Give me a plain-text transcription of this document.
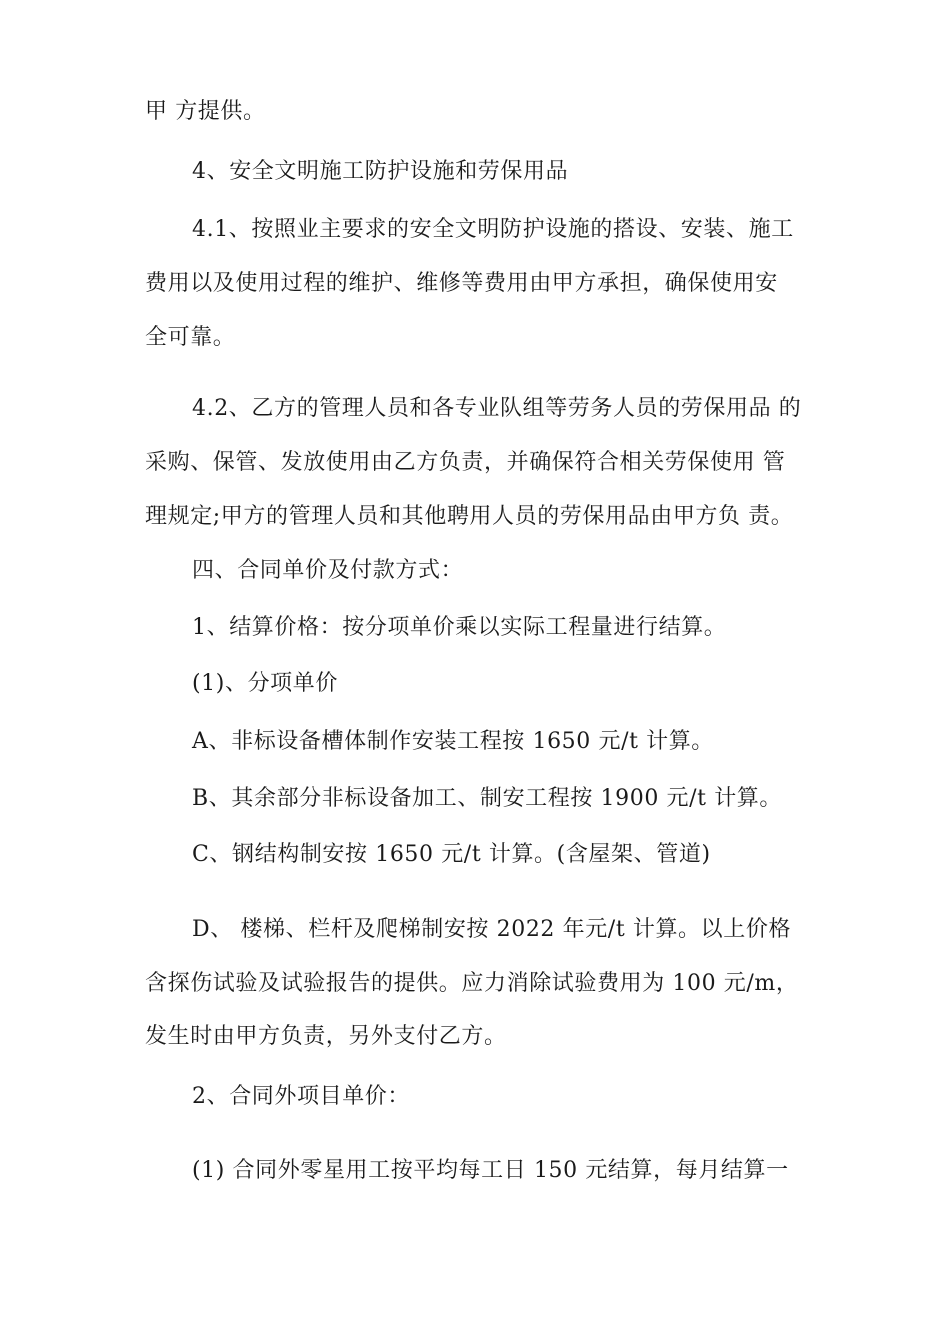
甲 方提供。
4、安全文明施工防护设施和劳保用品
4.1、按照业主要求的安全文明防护设施的搭设、安装、施工
费用以及使用过程的维护、维修等费用由甲方承担，确保使用安
全可靠。
4.2、乙方的管理人员和各专业队组等劳务人员的劳保用品 的
采购、保管、发放使用由乙方负责，并确保符合相关劳保使用 管
理规定;甲方的管理人员和其他聘用人员的劳保用品由甲方负 责。
四、合同单价及付款方式：
1、结算价格：按分项单价乘以实际工程量进行结算。
(1)、分项单价
A、非标设备槽体制作安装工程按 1650 元/t 计算。
B、其余部分非标设备加工、制安工程按 1900 元/t 计算。
C、钢结构制安按 1650 元/t 计算。(含屋架、管道)
D、 楼梯、栏杆及爬梯制安按 2022 年元/t 计算。以上价格
含探伤试验及试验报告的提供。应力消除试验费用为 100 元/m，
发生时由甲方负责，另外支付乙方。
2、合同外项目单价：
(1) 合同外零星用工按平均每工日 150 元结算，每月结算一
